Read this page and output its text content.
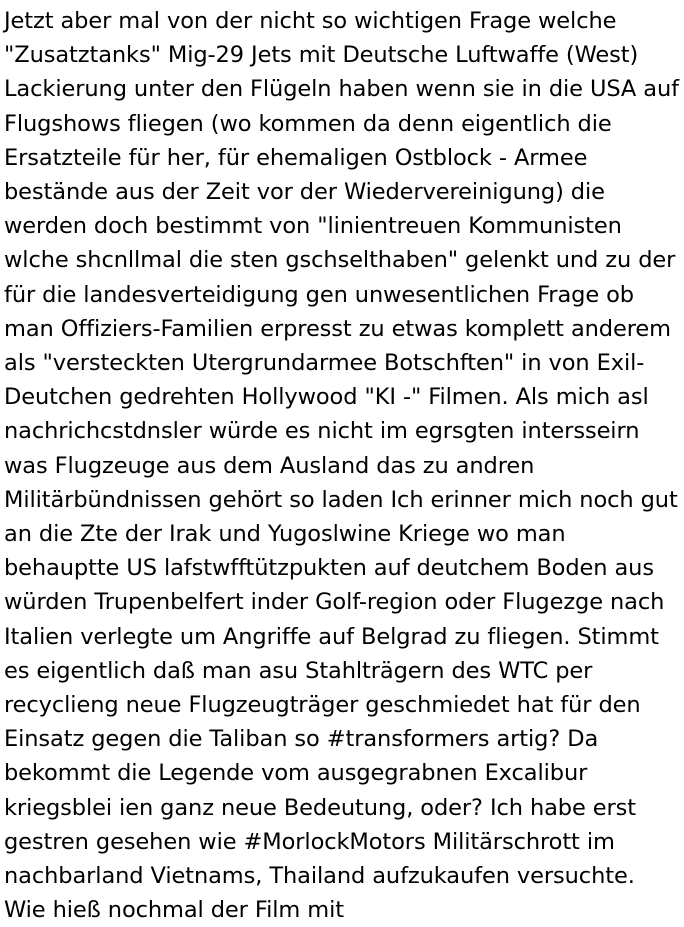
Jetzt aber mal von der nicht so wichtigen Frage welche "Zusatztanks" Mig-29 Jets mit Deutsche Luftwaffe (West) Lackierung unter den Flügeln haben wenn sie in die USA auf Flugshows fliegen (wo kommen da denn eigentlich die Ersatzteile für her, für ehemaligen Ostblock - Armee bestände aus der Zeit vor der Wiedervereinigung) die werden doch bestimmt von "linientreuen Kommunisten wlche shcnllmal die sten gschselthaben" gelenkt und zu der für die landesverteidigung gen unwesentlichen Frage ob man Offiziers-Familien erpresst zu etwas komplett anderem als "versteckten Utergrundarmee Botschften" in von Exil-Deutchen gedrehten Hollywood "KI -" Filmen. Als mich asl nachrichcstdnsler würde es nicht im egrsgten intersseirn was Flugzeuge aus dem Ausland das zu andren Militärbündnissen gehört so laden Ich erinner mich noch gut an die Zte der Irak und Yugoslwine Kriege wo man behauptte US lafstwfftützpukten auf deutchem Boden aus würden Trupenbelfert inder Golf-region oder Flugezge nach Italien verlegte um Angriffe auf Belgrad zu fliegen. Stimmt es eigentlich daß man asu Stahlträgern des WTC per recyclieng neue Flugzeugträger geschmiedet hat für den Einsatz gegen die Taliban so #transformers artig? Da bekommt die Legende vom ausgegrabnen Excalibur kriegsblei ien ganz neue Bedeutung, oder? Ich habe erst gestren gesehen wie #MorlockMotors Militärschrott im nachbarland Vietnams, Thailand aufzukaufen versuchte. Wie hieß nochmal der Film mit
